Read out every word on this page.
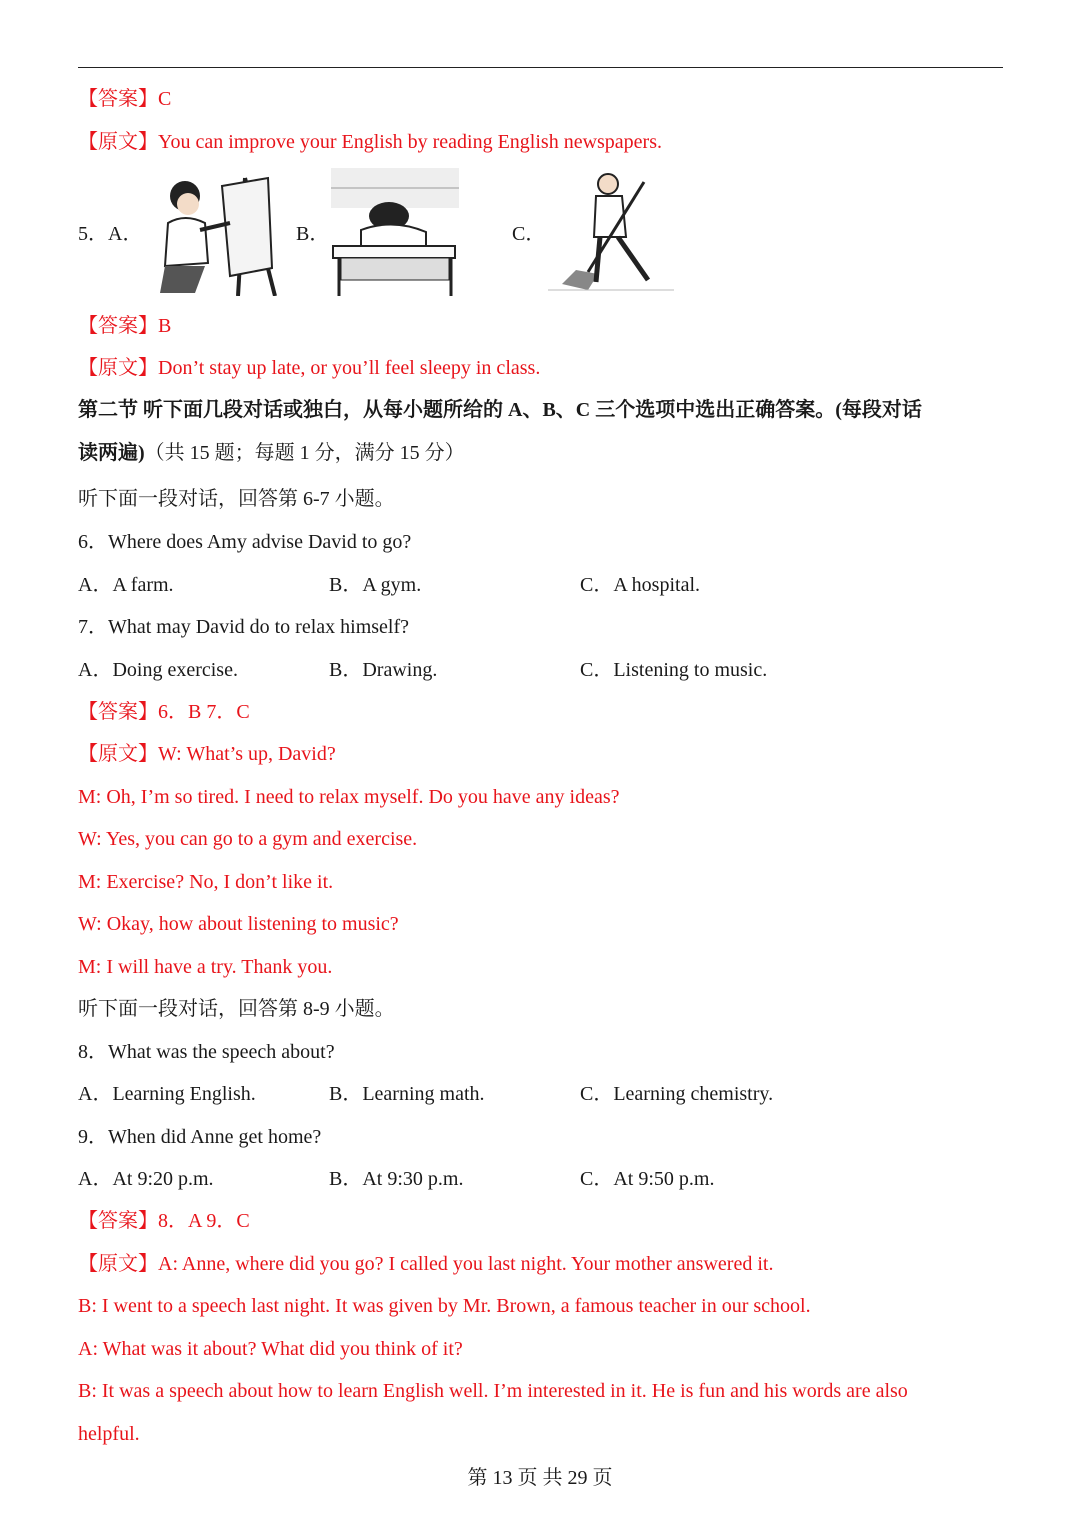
【答案】C
【原文】You can improve your English by reading English newspapers.
5．A．	B．	C．
【答案】B
【原文】Don’t stay up late, or you’ll feel sleepy in class.
第二节 听下面几段对话或独白，从每小题所给的 A、B、C 三个选项中选出正确答案。(每段对话
读两遍)（共 15 题；每题 1 分，满分 15 分）
听下面一段对话，回答第 6-7 小题。
6．Where does Amy advise David to go?
A．A farm.	B．A gym.	C．A hospital.
7．What may David do to relax himself?
A．Doing exercise.	B．Drawing.	C．Listening to music.
【答案】6．B 7．C
【原文】W: What’s up, David?
M: Oh, I’m so tired. I need to relax myself. Do you have any ideas?
W: Yes, you can go to a gym and exercise.
M: Exercise? No, I don’t like it.
W: Okay, how about listening to music?
M: I will have a try. Thank you.
听下面一段对话，回答第 8-9 小题。
8．What was the speech about?
A．Learning English.	B．Learning math.	C．Learning chemistry.
9．When did Anne get home?
A．At 9:20 p.m.	B．At 9:30 p.m.	C．At 9:50 p.m.
【答案】8．A 9．C
【原文】A: Anne, where did you go? I called you last night. Your mother answered it.
B: I went to a speech last night. It was given by Mr. Brown, a famous teacher in our school.
A: What was it about? What did you think of it?
B: It was a speech about how to learn English well. I’m interested in it. He is fun and his words are also
helpful.
第 13 页 共 29 页
